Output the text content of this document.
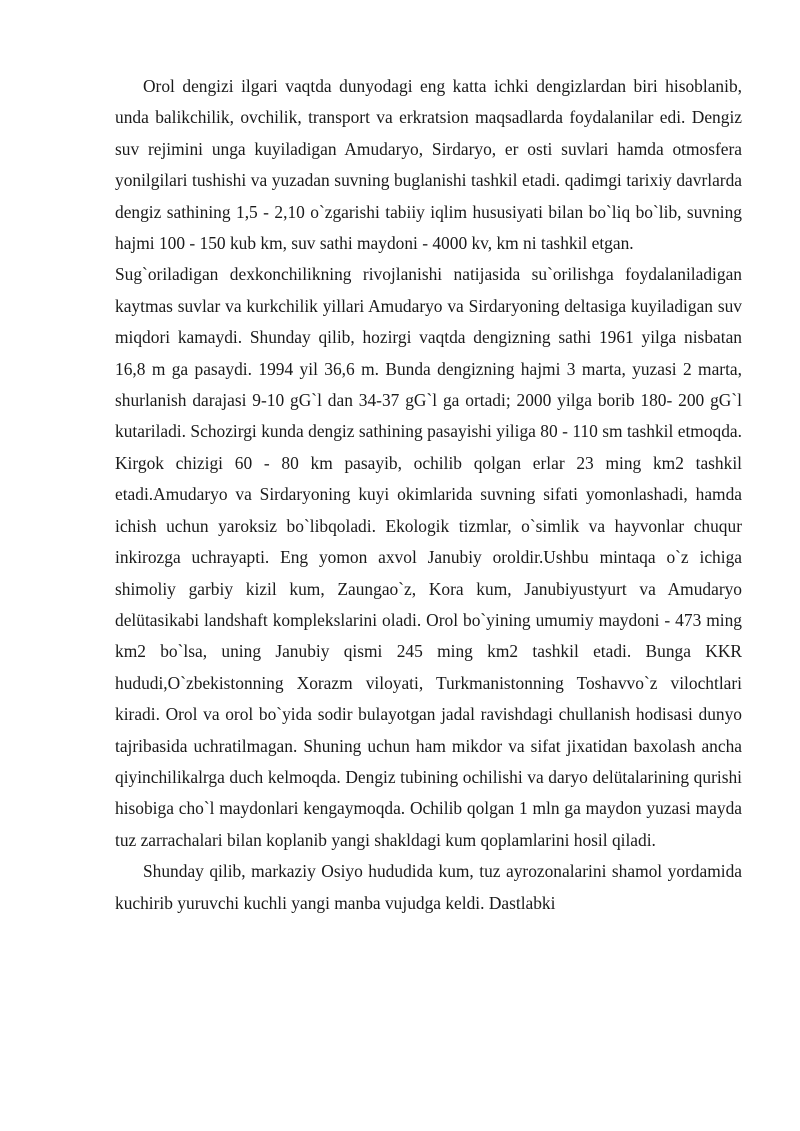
Orol dengizi ilgari vaqtda dunyodagi eng katta ichki dengizlardan biri hisoblanib, unda balikchilik, ovchilik, transport va erkratsion maqsadlarda foydalanilar edi. Dengiz suv rejimini unga kuyiladigan Amudaryo, Sirdaryo, er osti suvlari hamda otmosfera yonilgilari tushishi va yuzadan suvning buglanishi tashkil etadi. qadimgi tarixiy davrlarda dengiz sathining 1,5 - 2,10 o`zgarishi tabiiy iqlim hususiyati bilan bo`liq bo`lib, suvning hajmi 100 - 150 kub km, suv sathi maydoni - 4000 kv, km ni tashkil etgan.

Sug`oriladigan dexkonchilikning rivojlanishi natijasida su`orilishga foydalaniladigan kaytmas suvlar va kurkchilik yillari Amudaryo va Sirdaryoning deltasiga kuyiladigan suv miqdori kamaydi. Shunday qilib, hozirgi vaqtda dengizning sathi 1961 yilga nisbatan 16,8 m ga pasaydi. 1994 yil 36,6 m. Bunda dengizning hajmi 3 marta, yuzasi 2 marta, shurlanish darajasi 9-10 gG`l dan 34-37 gG`l ga ortadi; 2000 yilga borib 180- 200 gG`l kutariladi. Schozirgi kunda dengiz sathining pasayishi yiliga 80 - 110 sm tashkil etmoqda. Kirgok chizigi 60 - 80 km pasayib, ochilib qolgan erlar 23 ming km2 tashkil etadi.Amudaryo va Sirdaryoning kuyi okimlarida suvning sifati yomonlashadi, hamda ichish uchun yaroksiz bo`libqoladi. Ekologik tizmlar, o`simlik va hayvonlar chuqur inkirozga uchrayapti. Eng yomon axvol Janubiy oroldir.Ushbu mintaqa o`z ichiga shimoliy garbiy kizil kum, Zaungao`z, Kora kum, Janubiyustyurt va Amudaryo delütasikabi landshaft komplekslarini oladi. Orol bo`yining umumiy maydoni - 473 ming km2 bo`lsa, uning Janubiy qismi 245 ming km2 tashkil etadi. Bunga KKR hududi,O`zbekistonning Xorazm viloyati, Turkmanistonning Toshavvo`z vilochtlari kiradi. Orol va orol bo`yida sodir bulayotgan jadal ravishdagi chullanish hodisasi dunyo tajribasida uchratilmagan. Shuning uchun ham mikdor va sifat jixatidan baxolash ancha qiyinchilikalrga duch kelmoqda. Dengiz tubining ochilishi va daryo delütalarining qurishi hisobiga cho`l maydonlari kengaymoqda. Ochilib qolgan 1 mln ga maydon yuzasi mayda tuz zarrachalari bilan koplanib yangi shakldagi kum qoplamlarini hosil qiladi.

Shunday qilib, markaziy Osiyo hududida kum, tuz ayrozonalarini shamol yordamida kuchirib yuruvchi kuchli yangi manba vujudga keldi. Dastlabki
